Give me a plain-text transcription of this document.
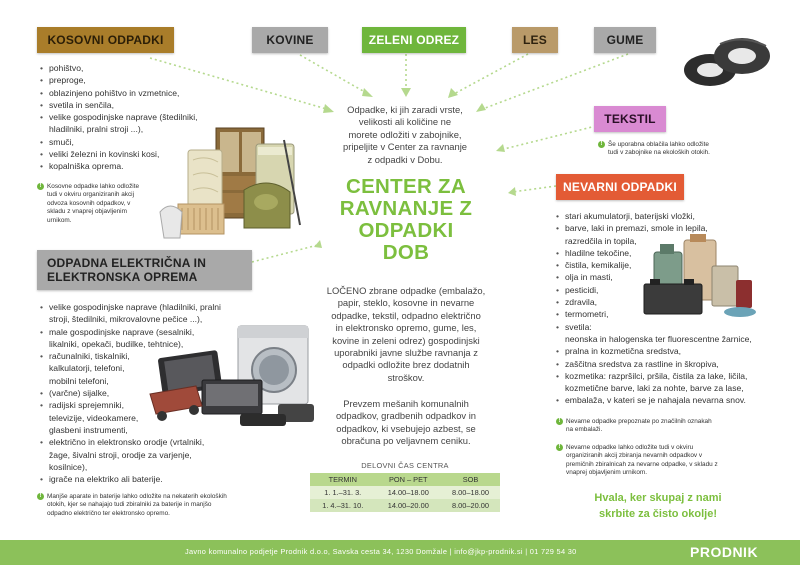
KOSOVNI ODPADKI	KOVINE	ZELENI ODREZ	LES	GUME
TEKSTIL
NEVARNI ODPADKI
ODPADNA ELEKTRIČNA IN
ELEKTRONSKA OPREMA
• pohištvo,
• preproge,
• oblazinjeno pohištvo in vzmetnice,
• svetila in senčila,
• velike gospodinjske naprave (štedilniki,
hladilniki, pralni stroji ...),
• smuči,
• veliki železni in kovinski kosi,
• kopalniška oprema.
! Kosovne odpadke lahko odložite
tudi v okviru organiziranih akcij
odvoza kosovnih odpadkov, v
skladu z vnaprej objavljenim
urnikom.
• velike gospodinjske naprave (hladilniki, pralni
stroji, štedilniki, mikrovalovne pečice ...),
• male gospodinjske naprave (sesalniki,
likalniki, opekači, budilke, tehtnice),
• računalniki, tiskalniki,
kalkulatorji, telefoni,
mobilni telefoni,
• (varčne) sijalke,
• radijski sprejemniki,
televizije, videokamere,
glasbeni instrumenti,
• električno in elektronsko orodje (vrtalniki,
žage, šivalni stroji, orodje za varjenje,
kosilnice),
• igrače na elektriko ali baterije.
! Manjše aparate in baterije lahko odložite na nekaterih ekoloških
otokih, kjer se nahajajo tudi zbiralniki za baterije in manjšo
odpadno električno ter elektronsko opremo.
Odpadke, ki jih zaradi vrste,
velikosti ali količine ne
morete odložiti v zabojnike,
pripeljite v Center za ravnanje
z odpadki v Dobu.
CENTER ZA
RAVNANJE Z
ODPADKI
DOB
LOČENO zbrane odpadke (embalažo,
papir, steklo, kosovne in nevarne
odpadke, tekstil, odpadno električno
in elektronsko opremo, gume, les,
kovine in zeleni odrez) gospodinjski
uporabniki javne službe ravnanja z
odpadki odložite brez dodatnih
stroškov.
Prevzem mešanih komunalnih
odpadkov, gradbenih odpadkov in
odpadkov, ki vsebujejo azbest, se
obračuna po veljavnem ceniku.
DELOVNI ČAS CENTRA
TERMIN	PON – PET	SOB
1. 1.–31. 3.	14.00–18.00	8.00–18.00
1. 4.–31. 10.	14.00–20.00	8.00–20.00
! Še uporabna oblačila lahko odložite
tudi v zabojnike na ekoloških otokih.
• stari akumulatorji, baterijski vložki,
• barve, laki in premazi, smole in lepila,
razredčila in topila,
• hladilne tekočine,
• čistila, kemikalije,
• olja in masti,
• pesticidi,
• zdravila,
• termometri,
• svetila:
neonska in halogenska ter fluorescentne žarnice,
• pralna in kozmetična sredstva,
• zaščitna sredstva za rastline in škropiva,
• kozmetika: razpršilci, pršila, čistila za lake, ličila,
kozmetične barve, laki za nohte, barve za lase,
• embalaža, v kateri se je nahajala nevarna snov.
! Nevarne odpadke prepoznate po značilnih oznakah
na embalaži.
! Nevarne odpadke lahko odložite tudi v okviru
organiziranih akcij zbiranja nevarnih odpadkov v
premičnih zbiralnicah za nevarne odpadke, v skladu z
vnaprej objavljenim urnikom.
Hvala, ker skupaj z nami
skrbite za čisto okolje!
Javno komunalno podjetje Prodnik d.o.o, Savska cesta 34, 1230 Domžale | info@jkp-prodnik.si | 01 729 54 30	PRODNIK
